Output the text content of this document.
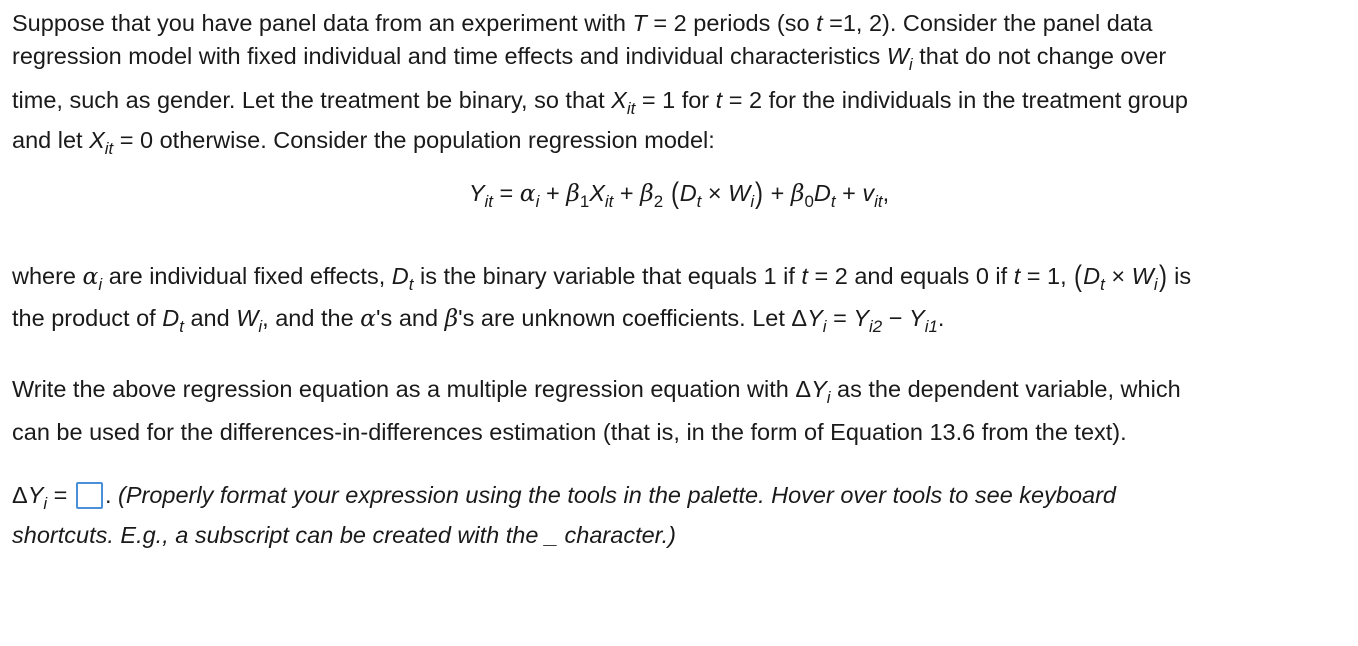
Suppose that you have panel data from an experiment with T = 2 periods (so t =1, 2). Consider the panel data
regression model with fixed individual and time effects and individual characteristics $W_i$ that do not change over
time, such as gender. Let the treatment be binary, so that $X_{it} = 1$ for t = 2 for the individuals in the treatment group
and let $X_{it} = 0$ otherwise. Consider the population regression model:
$Y_{it} = \alpha_i + \beta_1X_{it} + \beta_2$ $(D_t \times W_i) + \beta_0D_t + v_{it}$,
where $\alpha_i$ are individual fixed effects, $D_t$ is the binary variable that equals 1 if t = 2 and equals 0 if t = 1, $(D_t \times W_i)$ is
the product of $D_t$ and $W_i$, and the α's and β's are unknown coefficients. Let $\Delta Y_i = Y_{i2} - Y_{i1}$.
Write the above regression equation as a multiple regression equation with $\Delta Y_i$ as the dependent variable, which
can be used for the differences-in-differences estimation (that is, in the form of Equation 13.6 from the text).
$\Delta Y_i$ = . (Properly format your expression using the tools in the palette. Hover over tools to see keyboard
shortcuts. E.g., a subscript can be created with the _ character.)
